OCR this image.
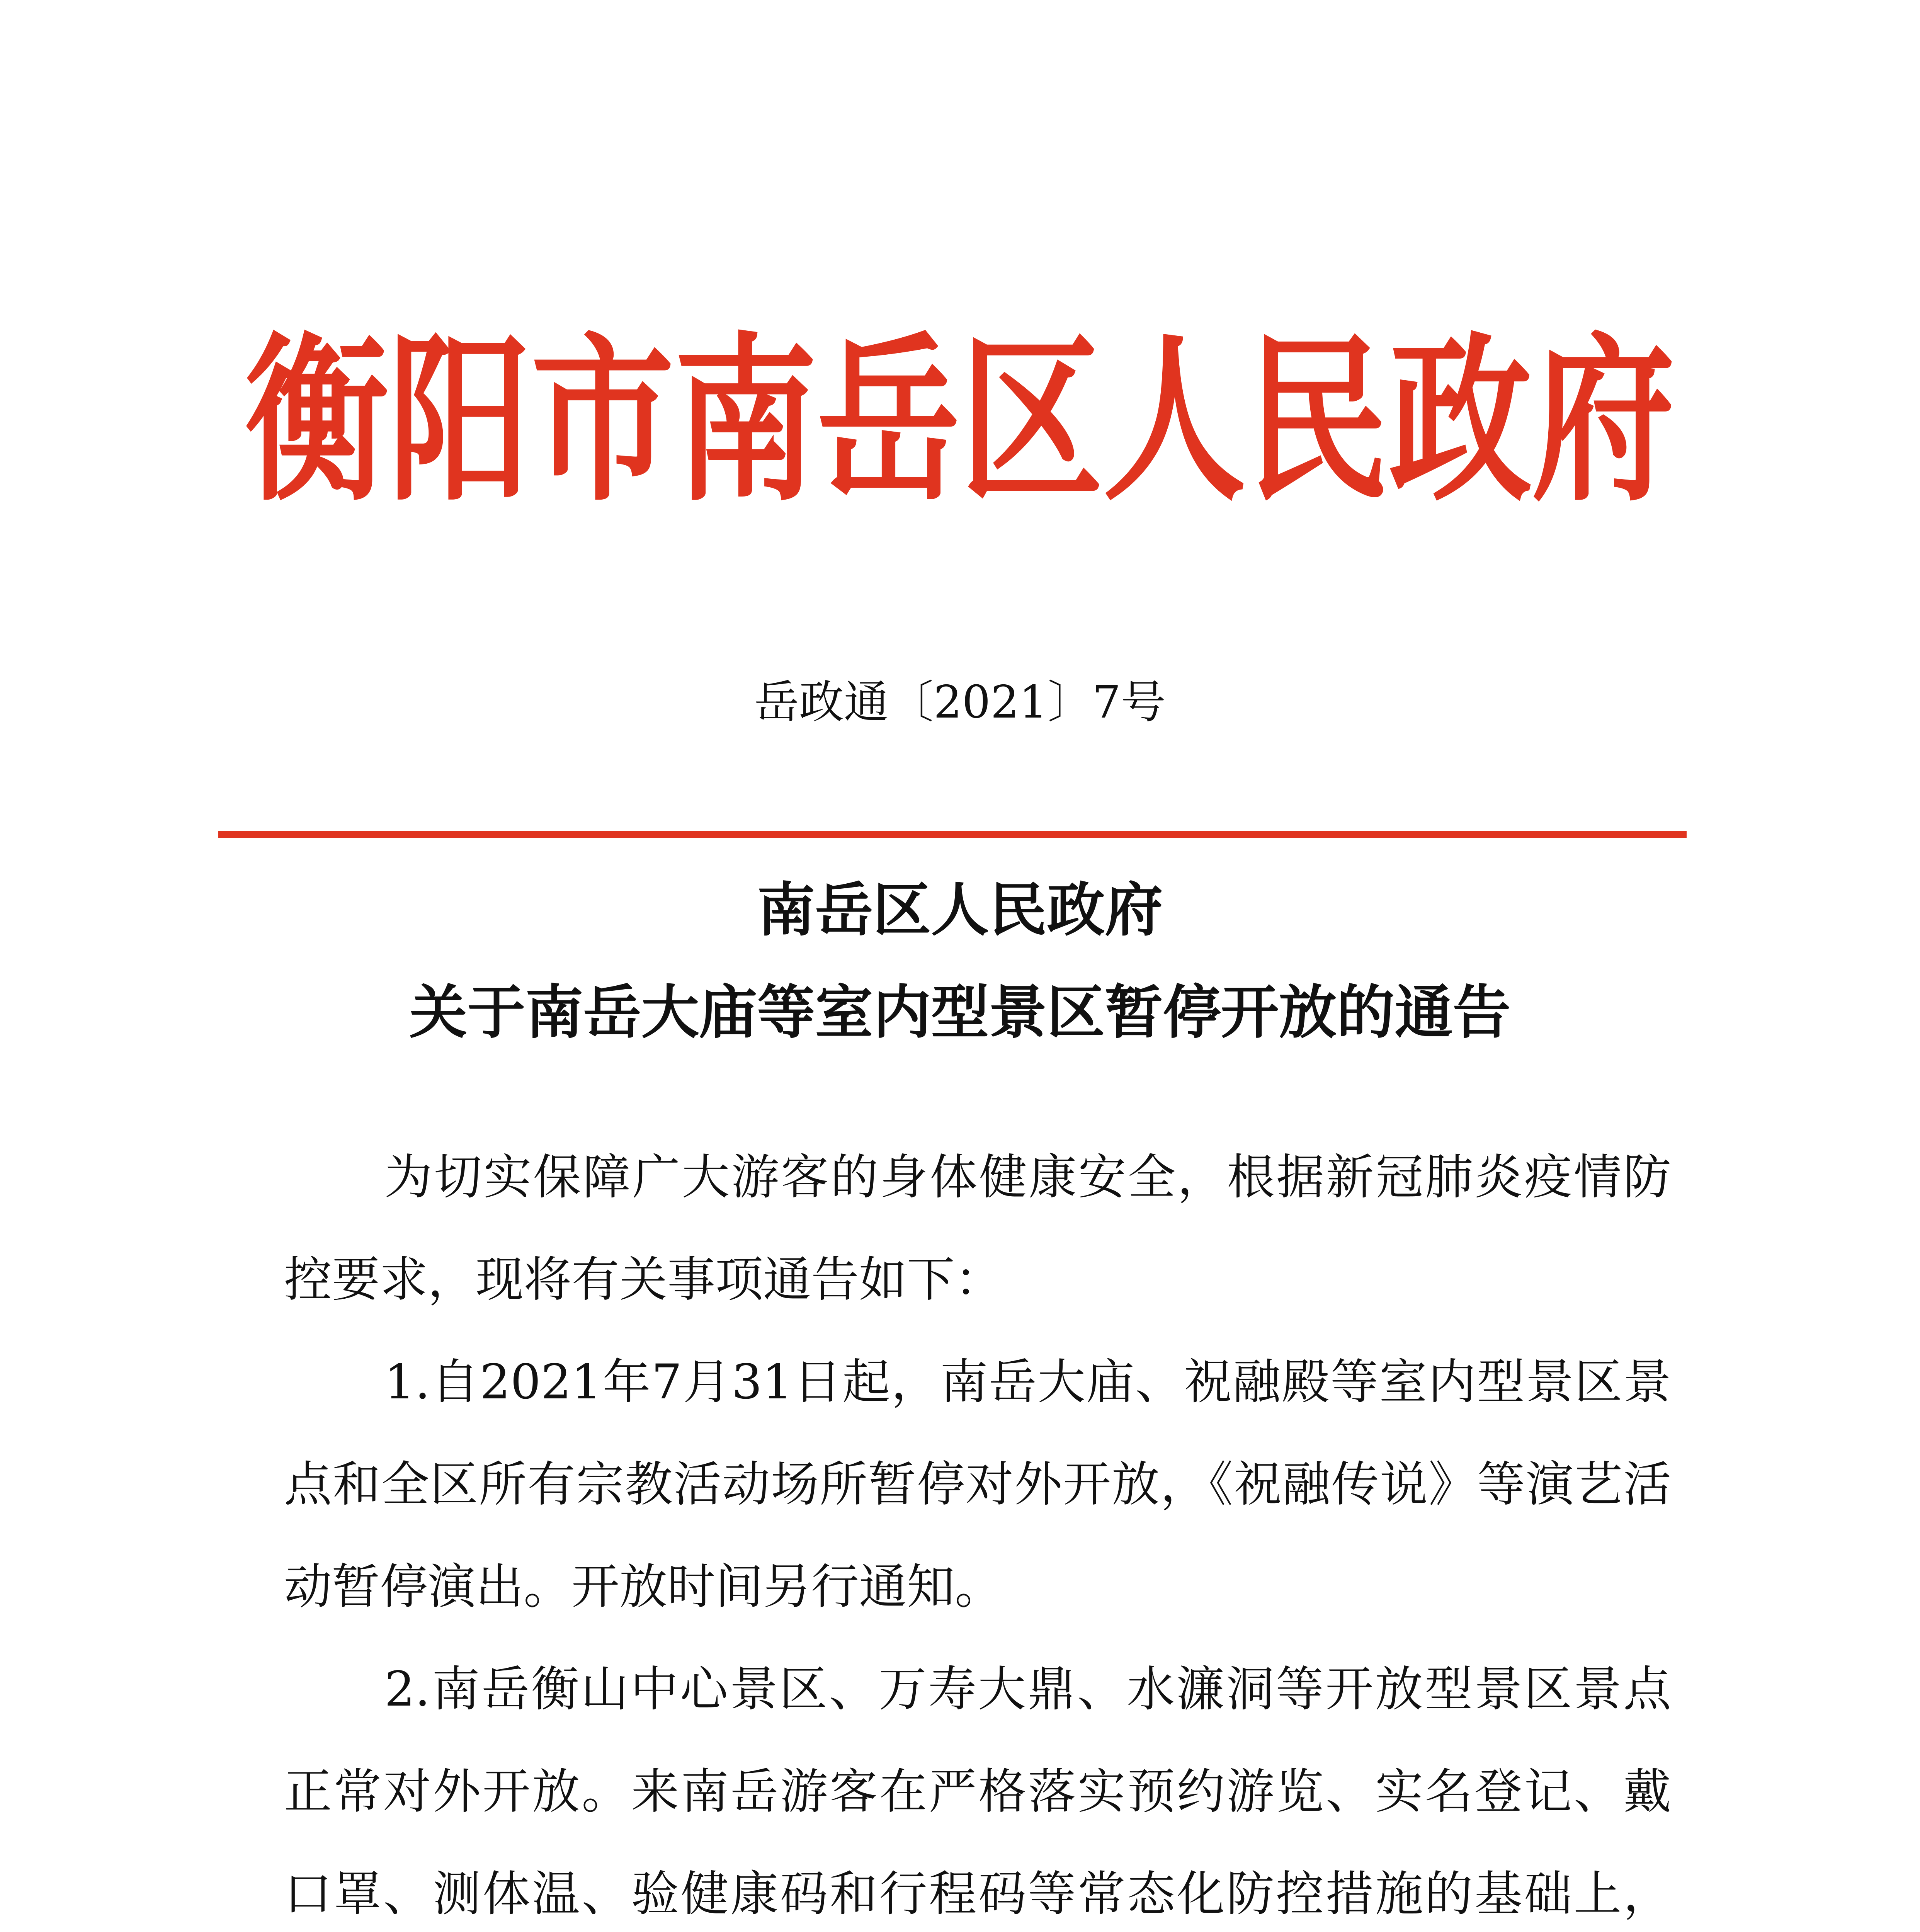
衡阳市南岳区人民政府
岳政通〔2021〕7号
南岳区人民政府
关于南岳大庙等室内型景区暂停开放的通告

为切实保障广大游客的身体健康安全，根据新冠肺炎疫情防控要求，现将有关事项通告如下：

1.自2021年7月31日起，南岳大庙、祝融殿等室内型景区景点和全区所有宗教活动场所暂停对外开放，《祝融传说》等演艺活动暂停演出。开放时间另行通知。

2.南岳衡山中心景区、万寿大鼎、水濂洞等开放型景区景点正常对外开放。来南岳游客在严格落实预约游览、实名登记、戴口罩、测体温、验健康码和行程码等常态化防控措施的基础上，
